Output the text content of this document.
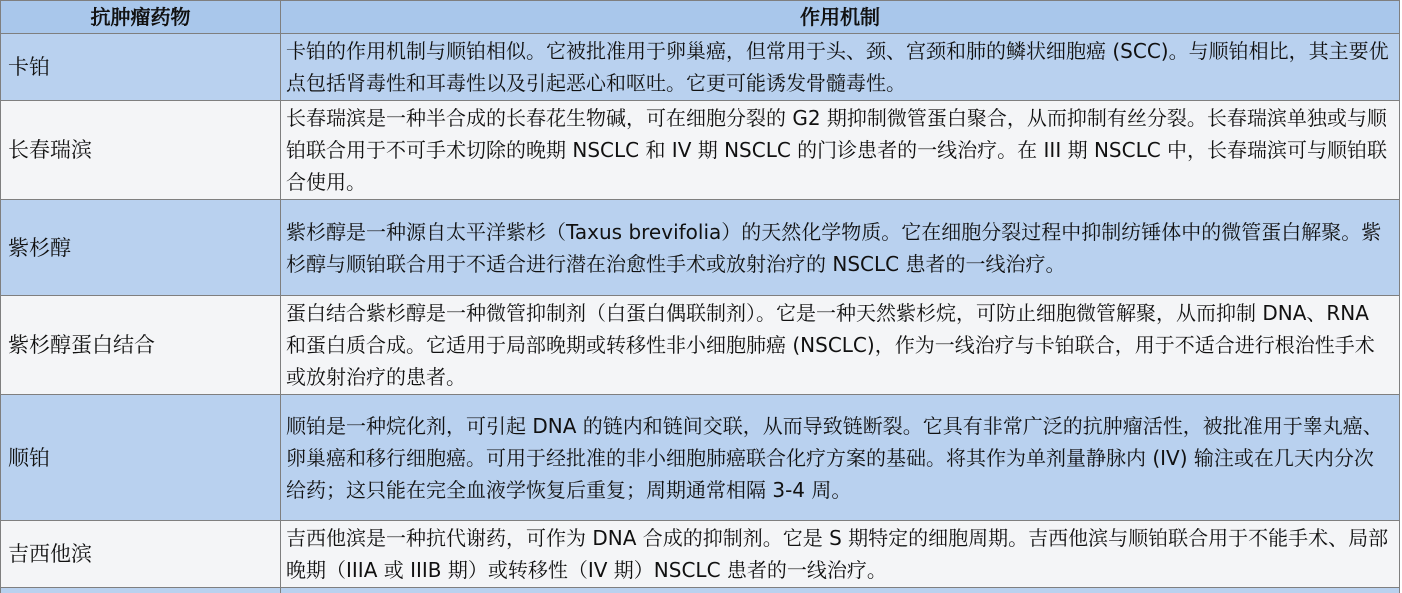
抗肿瘤药物	作用机制
卡铂	卡铂的作用机制与顺铂相似。它被批准用于卵巢癌，但常用于头、颈、宫颈和肺的鳞状细胞癌 (SCC)。与顺铂相比，其主要优点包括肾毒性和耳毒性以及引起恶心和呕吐。它更可能诱发骨髓毒性。
长春瑞滨	长春瑞滨是一种半合成的长春花生物碱，可在细胞分裂的 G2 期抑制微管蛋白聚合，从而抑制有丝分裂。长春瑞滨单独或与顺铂联合用于不可手术切除的晚期 NSCLC 和 IV 期 NSCLC 的门诊患者的一线治疗。在 III 期 NSCLC 中，长春瑞滨可与顺铂联合使用。
紫杉醇	紫杉醇是一种源自太平洋紫杉（Taxus brevifolia）的天然化学物质。它在细胞分裂过程中抑制纺锤体中的微管蛋白解聚。紫杉醇与顺铂联合用于不适合进行潜在治愈性手术或放射治疗的 NSCLC 患者的一线治疗。
紫杉醇蛋白结合	蛋白结合紫杉醇是一种微管抑制剂（白蛋白偶联制剂）。它是一种天然紫杉烷，可防止细胞微管解聚，从而抑制 DNA、RNA 和蛋白质合成。它适用于局部晚期或转移性非小细胞肺癌 (NSCLC)，作为一线治疗与卡铂联合，用于不适合进行根治性手术或放射治疗的患者。
顺铂	顺铂是一种烷化剂，可引起 DNA 的链内和链间交联，从而导致链断裂。它具有非常广泛的抗肿瘤活性，被批准用于睾丸癌、卵巢癌和移行细胞癌。可用于经批准的非小细胞肺癌联合化疗方案的基础。将其作为单剂量静脉内 (IV) 输注或在几天内分次给药；这只能在完全血液学恢复后重复；周期通常相隔 3-4 周。
吉西他滨	吉西他滨是一种抗代谢药，可作为 DNA 合成的抑制剂。它是 S 期特定的细胞周期。吉西他滨与顺铂联合用于不能手术、局部晚期（IIIA 或 IIIB 期）或转移性（IV 期）NSCLC 患者的一线治疗。
